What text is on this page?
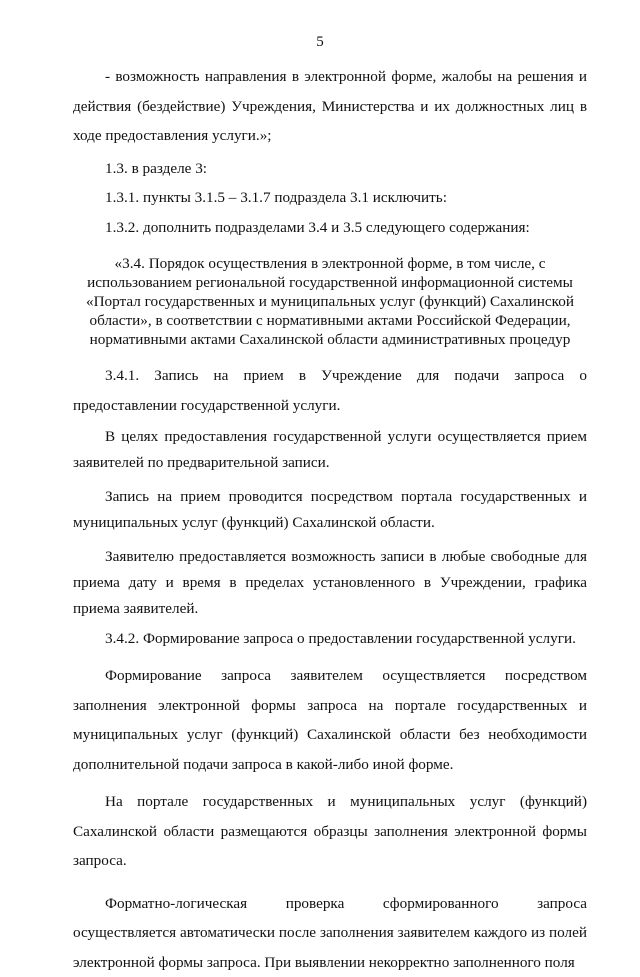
5

- возможность направления в электронной форме, жалобы на решения и действия (бездействие) Учреждения, Министерства и их должностных лиц в ходе предоставления услуги.»;

1.3. в разделе 3:

1.3.1. пункты 3.1.5 – 3.1.7 подраздела 3.1 исключить:

1.3.2. дополнить подразделами 3.4 и 3.5 следующего содержания:

«3.4. Порядок осуществления в электронной форме, в том числе, с использованием региональной государственной информационной системы «Портал государственных и муниципальных услуг (функций) Сахалинской области», в соответствии с нормативными актами Российской Федерации, нормативными актами Сахалинской области административных процедур

3.4.1. Запись на прием в Учреждение для подачи запроса о предоставлении государственной услуги.

В целях предоставления государственной услуги осуществляется прием заявителей по предварительной записи.

Запись на прием проводится посредством портала государственных и муниципальных услуг (функций) Сахалинской области.

Заявителю предоставляется возможность записи в любые свободные для приема дату и время в пределах установленного в Учреждении, графика приема заявителей.

3.4.2. Формирование запроса о предоставлении государственной услуги.

Формирование запроса заявителем осуществляется посредством заполнения электронной формы запроса на портале государственных и муниципальных услуг (функций) Сахалинской области без необходимости дополнительной подачи запроса в какой-либо иной форме.

На портале государственных и муниципальных услуг (функций) Сахалинской области размещаются образцы заполнения электронной формы запроса.

Форматно-логическая проверка сформированного запроса осуществляется автоматически после заполнения заявителем каждого из полей электронной формы запроса. При выявлении некорректно заполненного поля
